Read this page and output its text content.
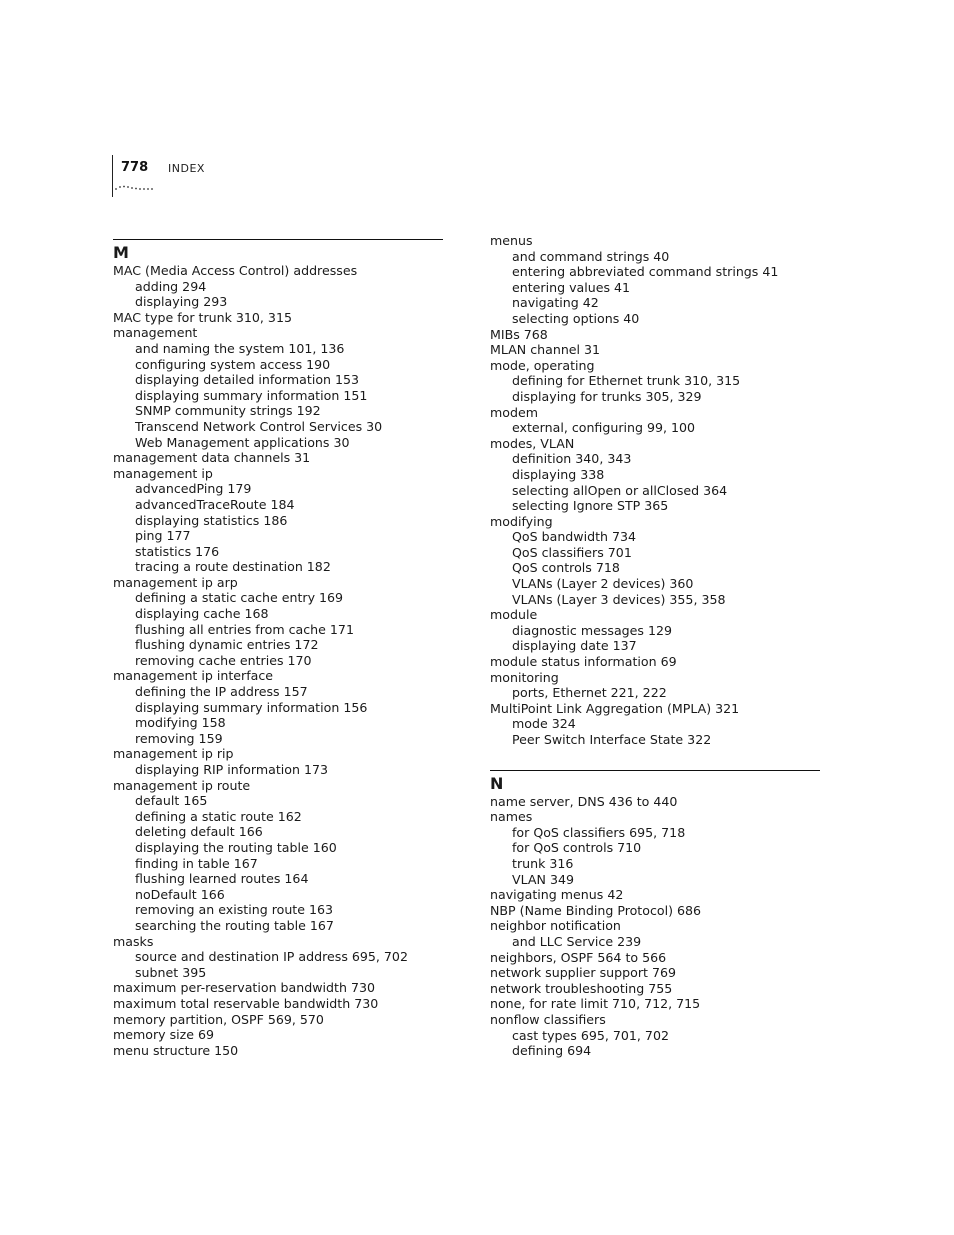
778 INDEX
M
MAC (Media Access Control) addresses
adding 294
displaying 293
MAC type for trunk 310, 315
management
and naming the system 101, 136
configuring system access 190
displaying detailed information 153
displaying summary information 151
SNMP community strings 192
Transcend Network Control Services 30
Web Management applications 30
management data channels 31
management ip
advancedPing 179
advancedTraceRoute 184
displaying statistics 186
ping 177
statistics 176
tracing a route destination 182
management ip arp
defining a static cache entry 169
displaying cache 168
flushing all entries from cache 171
flushing dynamic entries 172
removing cache entries 170
management ip interface
defining the IP address 157
displaying summary information 156
modifying 158
removing 159
management ip rip
displaying RIP information 173
management ip route
default 165
defining a static route 162
deleting default 166
displaying the routing table 160
finding in table 167
flushing learned routes 164
noDefault 166
removing an existing route 163
searching the routing table 167
masks
source and destination IP address 695, 702
subnet 395
maximum per-reservation bandwidth 730
maximum total reservable bandwidth 730
memory partition, OSPF 569, 570
memory size 69
menu structure 150
menus
and command strings 40
entering abbreviated command strings 41
entering values 41
navigating 42
selecting options 40
MIBs 768
MLAN channel 31
mode, operating
defining for Ethernet trunk 310, 315
displaying for trunks 305, 329
modem
external, configuring 99, 100
modes, VLAN
definition 340, 343
displaying 338
selecting allOpen or allClosed 364
selecting Ignore STP 365
modifying
QoS bandwidth 734
QoS classifiers 701
QoS controls 718
VLANs (Layer 2 devices) 360
VLANs (Layer 3 devices) 355, 358
module
diagnostic messages 129
displaying date 137
module status information 69
monitoring
ports, Ethernet 221, 222
MultiPoint Link Aggregation (MPLA) 321
mode 324
Peer Switch Interface State 322
N
name server, DNS 436 to 440
names
for QoS classifiers 695, 718
for QoS controls 710
trunk 316
VLAN 349
navigating menus 42
NBP (Name Binding Protocol) 686
neighbor notification
and LLC Service 239
neighbors, OSPF 564 to 566
network supplier support 769
network troubleshooting 755
none, for rate limit 710, 712, 715
nonflow classifiers
cast types 695, 701, 702
defining 694
